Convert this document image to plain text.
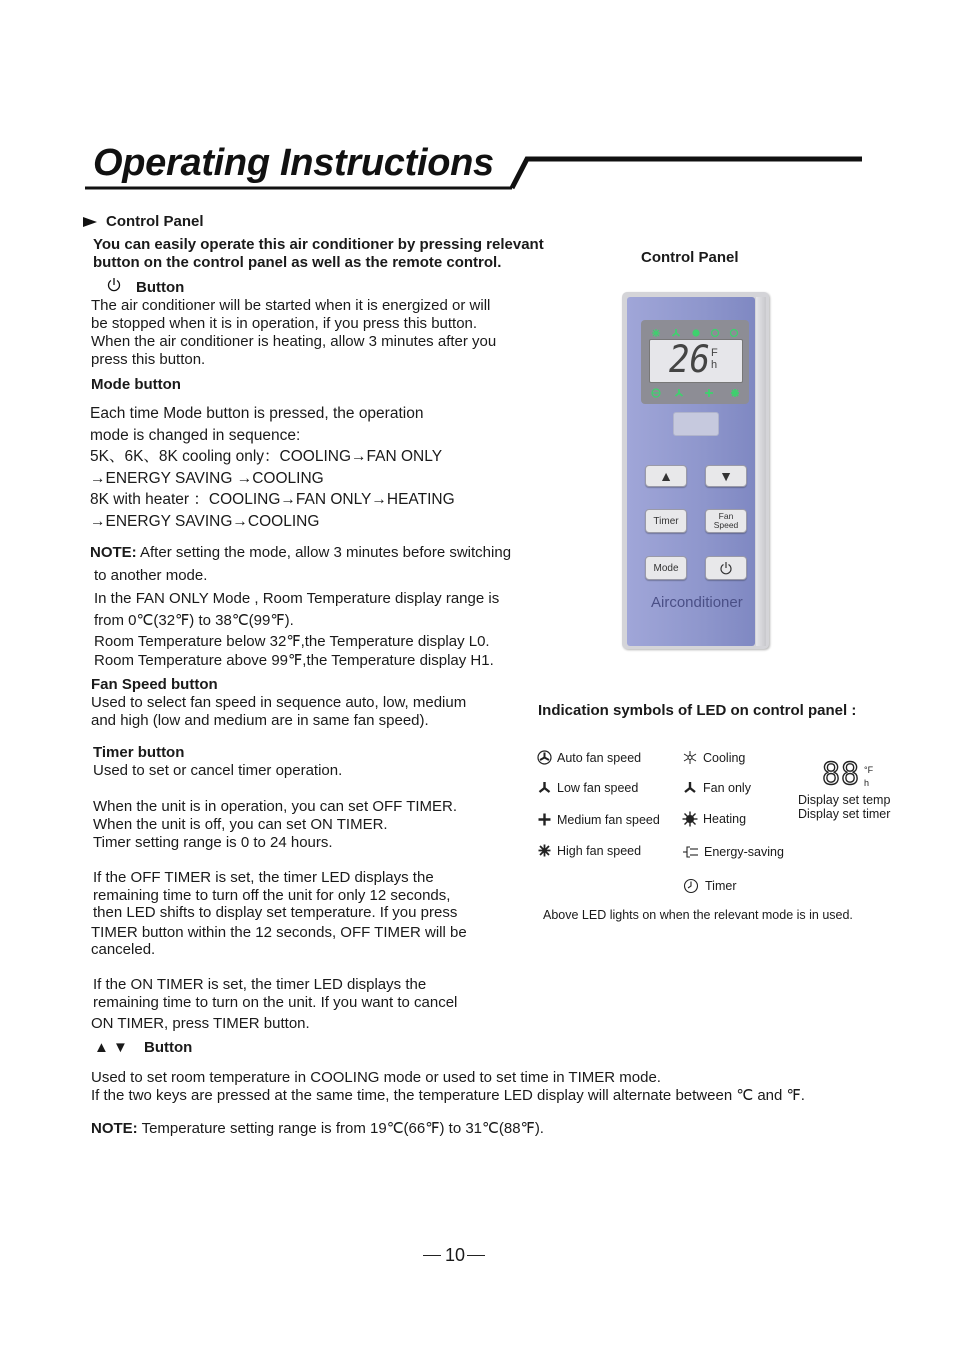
Operating Instructions
Control Panel
You can easily operate this air conditioner by pressing relevant
button on the control panel as well as the remote control.
Button
The air conditioner will be started when it is energized or will
be stopped when it is in operation, if you press this button.
When the air conditioner is heating, allow 3 minutes after you
press this button.
Mode button
Each time Mode button is pressed, the operation
mode is changed in sequence:
5K、6K、8K cooling only：COOLING→FAN ONLY
→ENERGY SAVING →COOLING
8K with heater ：COOLING→FAN ONLY→HEATING
→ENERGY SAVING→COOLING
NOTE: After setting the mode, allow 3 minutes before switching
to another mode.
In the FAN ONLY Mode , Room Temperature display range is
from 0℃(32℉) to 38℃(99℉).
Room Temperature below 32℉,the Temperature display L0.
Room Temperature above 99℉,the Temperature display H1.
Fan Speed button
Used to select fan speed in sequence auto, low, medium
and high (low and medium are in same fan speed).
Timer button
Used to set or cancel timer operation.
When the unit is in operation, you can set OFF TIMER.
When the unit is off, you can set ON TIMER.
Timer setting range is 0 to 24 hours.
If the OFF TIMER is set, the timer LED displays the
remaining time to turn off the unit for only 12 seconds,
then LED shifts to display set temperature. If you press
TIMER button within the 12 seconds, OFF TIMER will be
canceled.
If the ON TIMER is set, the timer LED displays the
remaining time to turn on the unit. If you want to cancel
ON TIMER, press TIMER button.
▲ ▼ Button
Used to set room temperature in COOLING mode or used to set time in TIMER mode.
If the two keys are pressed at the same time, the temperature LED display will alternate between ℃ and ℉.
NOTE: Temperature setting range is from 19℃(66℉) to 31℃(88℉).
Control Panel
26 F
h
▲	▼
Timer	Fan
Speed
Mode
Airconditioner
Indication symbols of LED on control panel :
Auto fan speed
Low fan speed
Medium fan speed
High fan speed
Cooling
Fan only
Heating
Energy-saving
Timer
88 °F
h
Display set temp
Display set timer
Above LED lights on when the relevant mode is in used.
10
